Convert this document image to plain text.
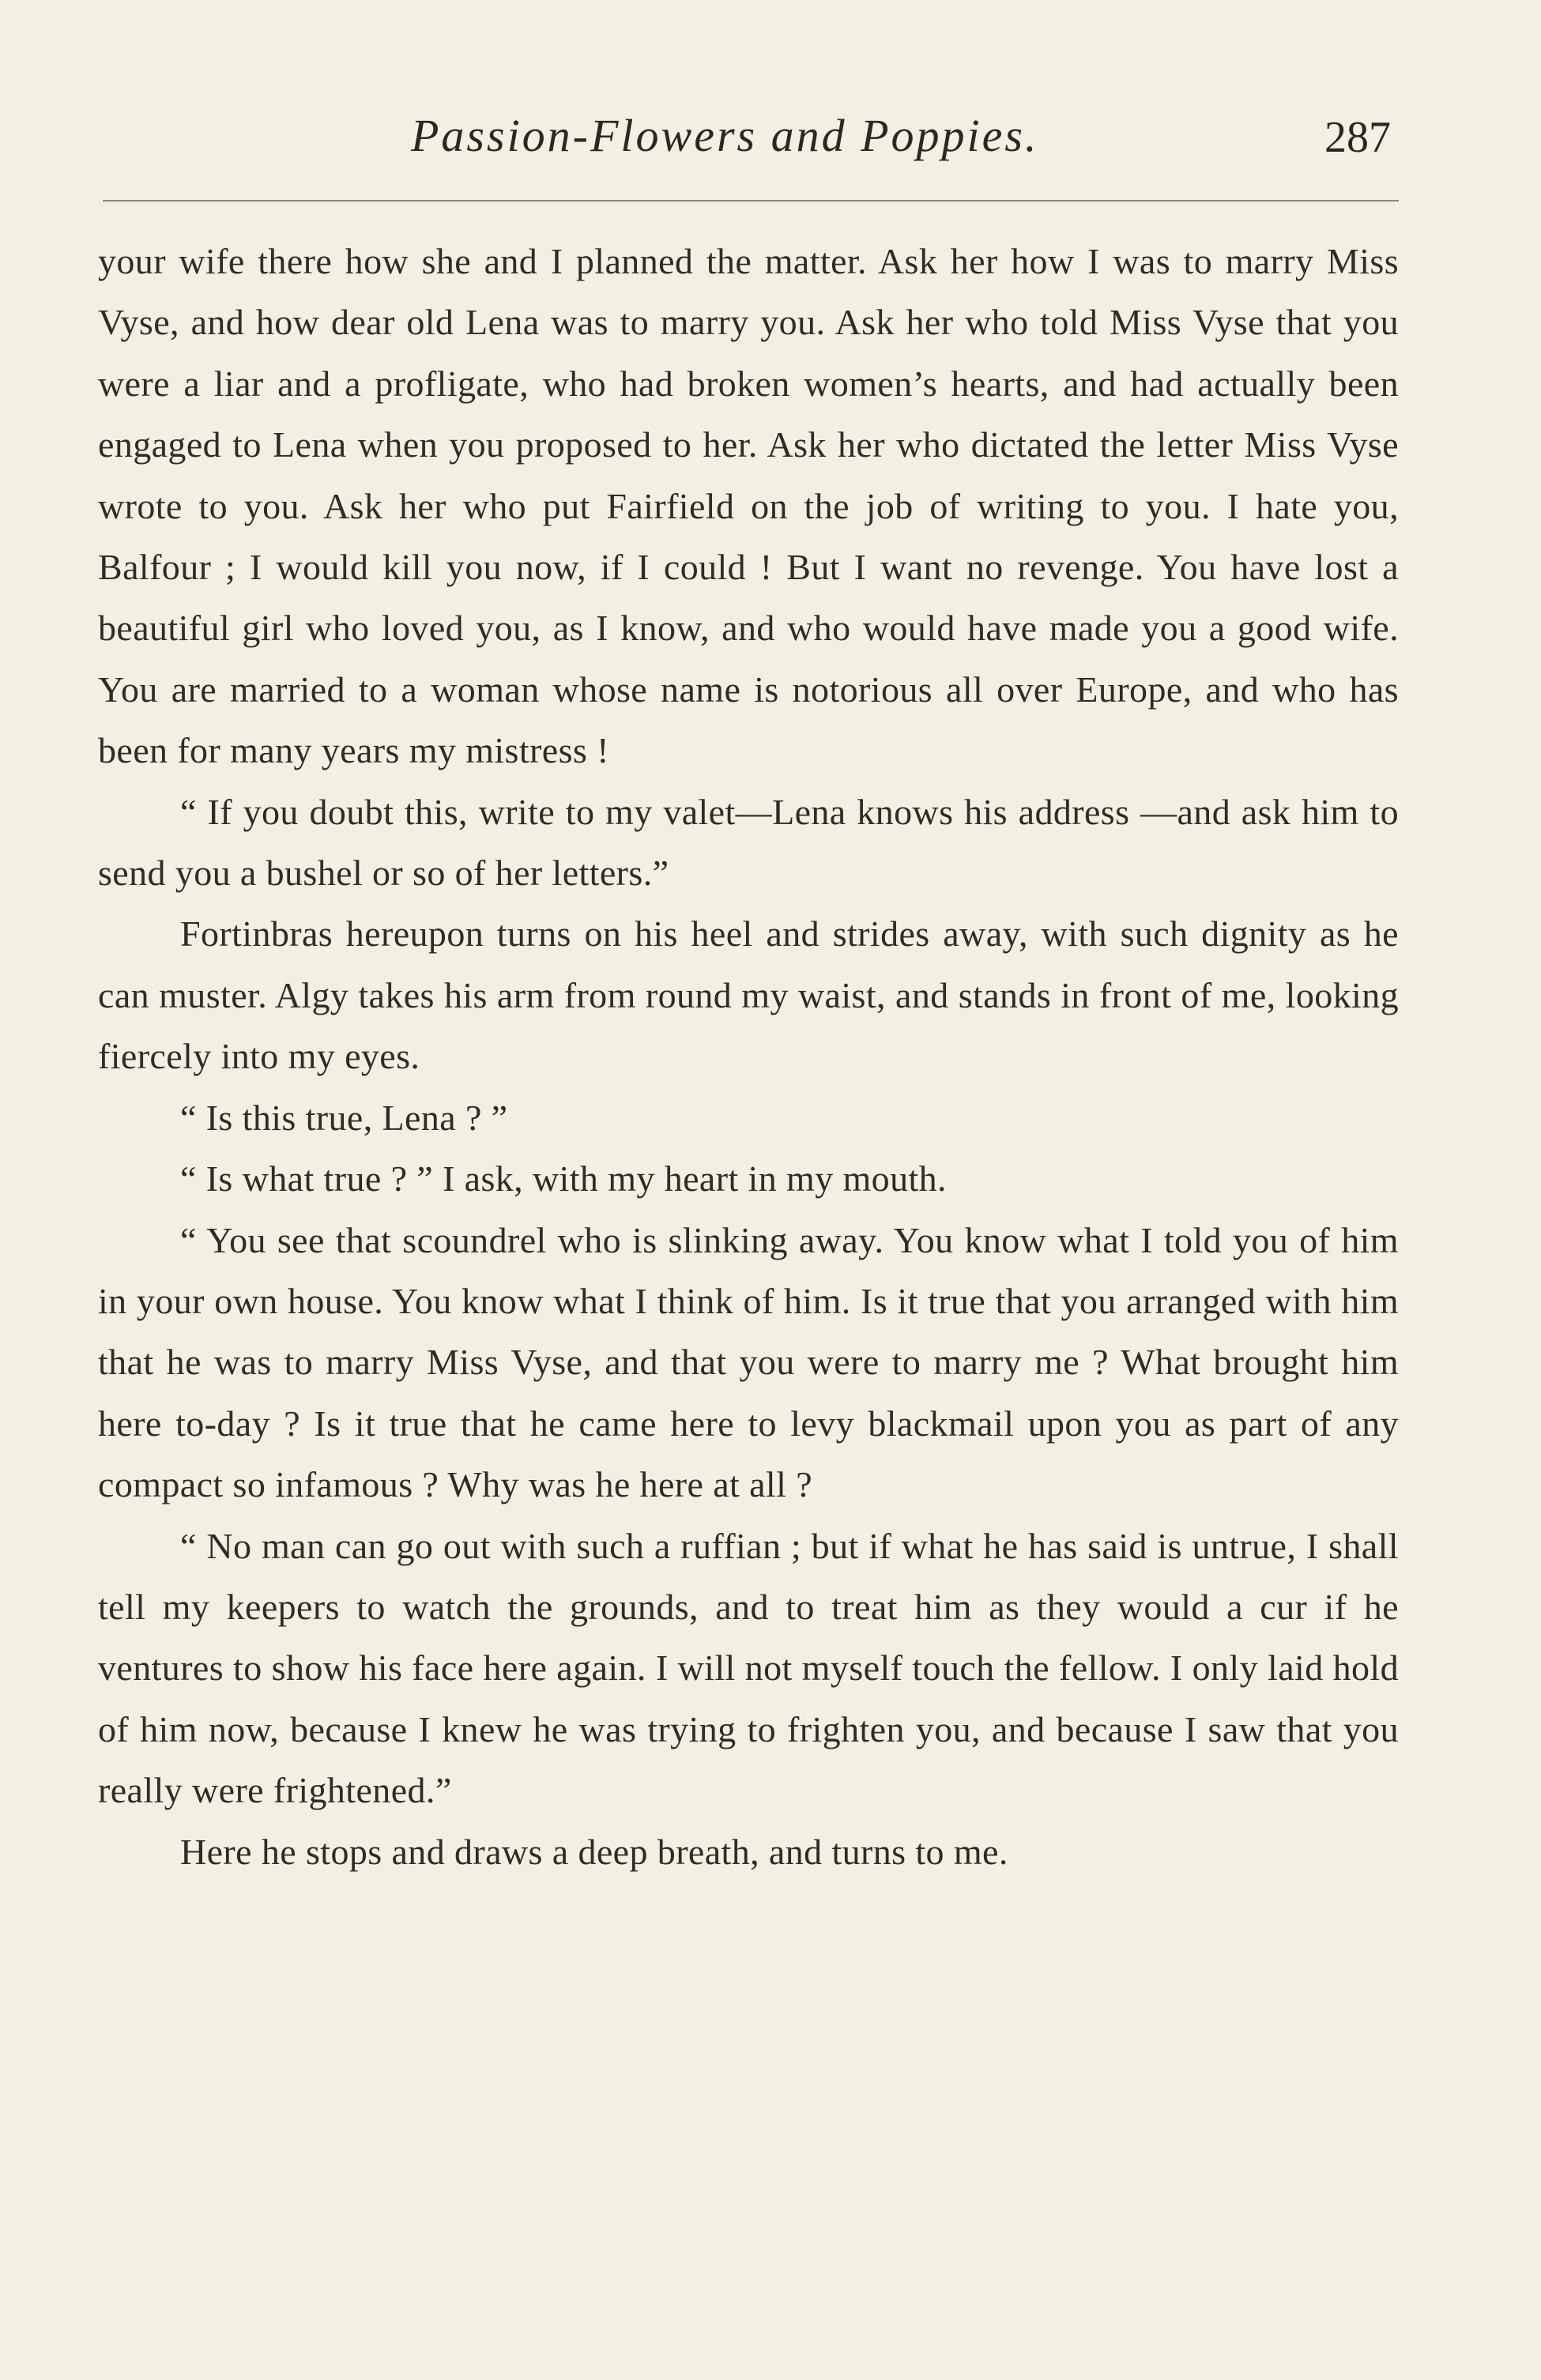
Passion-Flowers and Poppies.	287

your wife there how she and I planned the matter. Ask her how I was to marry Miss Vyse, and how dear old Lena was to marry you. Ask her who told Miss Vyse that you were a liar and a profligate, who had broken women’s hearts, and had actually been engaged to Lena when you proposed to her. Ask her who dictated the letter Miss Vyse wrote to you. Ask her who put Fairfield on the job of writing to you. I hate you, Balfour ; I would kill you now, if I could ! But I want no revenge. You have lost a beautiful girl who loved you, as I know, and who would have made you a good wife. You are married to a woman whose name is notorious all over Europe, and who has been for many years my mistress !

“ If you doubt this, write to my valet—Lena knows his address —and ask him to send you a bushel or so of her letters.”

Fortinbras hereupon turns on his heel and strides away, with such dignity as he can muster. Algy takes his arm from round my waist, and stands in front of me, looking fiercely into my eyes.

“ Is this true, Lena ? ”

“ Is what true ? ” I ask, with my heart in my mouth.

“ You see that scoundrel who is slinking away. You know what I told you of him in your own house. You know what I think of him. Is it true that you arranged with him that he was to marry Miss Vyse, and that you were to marry me ? What brought him here to-day ? Is it true that he came here to levy blackmail upon you as part of any compact so infamous ? Why was he here at all ?

“ No man can go out with such a ruffian ; but if what he has said is untrue, I shall tell my keepers to watch the grounds, and to treat him as they would a cur if he ventures to show his face here again. I will not myself touch the fellow. I only laid hold of him now, because I knew he was trying to frighten you, and because I saw that you really were frightened.”

Here he stops and draws a deep breath, and turns to me.
